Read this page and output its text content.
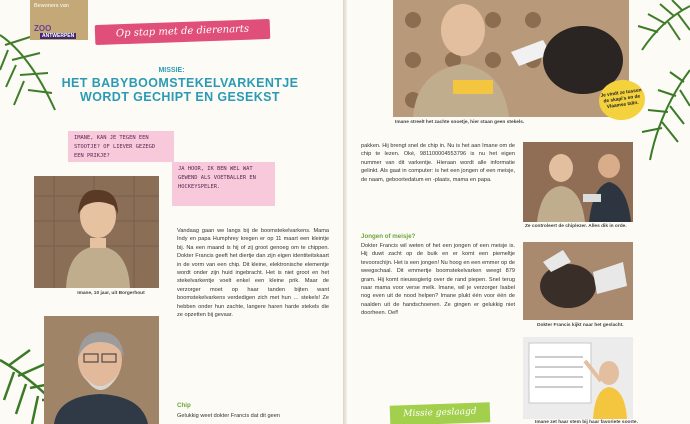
Bewoners van
ZOO
ANTWERPEN	Op stap met de dierenarts
MISSIE:
HET BABYBOOMSTEKELVARKENTJE WORDT GECHIPT EN GESEKST
IMANE, KAN JE TEGEN EEN STOOTJE? OF LIEVER GEZEGD EEN PRIKJE?
JA HOOR, IK BEN WEL WAT GEWEND ALS VOETBALLER EN HOCKEYSPELER.
Imane, 10 jaar, uit Borgerhout
Vandaag gaan we langs bij de boomstekelvarkens. Mama Indy en papa Humphrey kregen er op 11 maart een kleintje bij. Na een maand is hij of zij groot genoeg om te chippen. Dokter Francis geeft het diertje dan zijn eigen identiteitskaart in de vorm van een chip. Dit kleine, elektronische elementje wordt onder zijn huid ingebracht. Het is niet groot en het stekelvarkentje voelt enkel een kleine prik. Maar de verzorger moet op haar tanden bijten want boomstekelvarkens verdedigen zich met hun … stekels! Ze hebben onder hun zachte, langere haren harde stekels die ze opzetten bij gevaar.
Chip
Gelukkig weet dokter Francis dat dit geen
Imane streelt het zachte snoetje, hier staan geen stekels.
Je vindt ze tussen de skapi's en de Vlaamse talin.
pakken. Hij brengt snel de chip in. Nu is het aan Imane om de chip te lezen. Oké, 981100004553796 is nu het eigen nummer van dit varkentje. Hieraan wordt alle informatie gelinkt. Als gaat in computer: is het een jongen of een meisje, de naam, geboortedatum en -plaats, mama en papa.
Jongen of meisje?
Dokter Francis wil weten of het een jongen of een meisje is. Hij duwt zacht op de buik en er komt een piemeltje tevoorschijn. Het is een jongen! Nu hoog en een emmer op de weegschaal. Dit emmertje boomstekelvarken weegt 879 gram. Hij komt nieuwsgierig over de rand piepen. Snel terug naar mama voor verse melk. Imane, wil je verzorger Isabel nog even uit de nood helpen? Imane plukt één voor één de naalden uit de handschoenen. Ze gingen er gelukkig niet doorheen. Oef!
Ze controleert de chiplezer. Alles dik in orde.
Dokter Francis kijkt naar het geslacht.
Imane zet haar stem bij haar favoriete soorte.
Missie geslaagd
